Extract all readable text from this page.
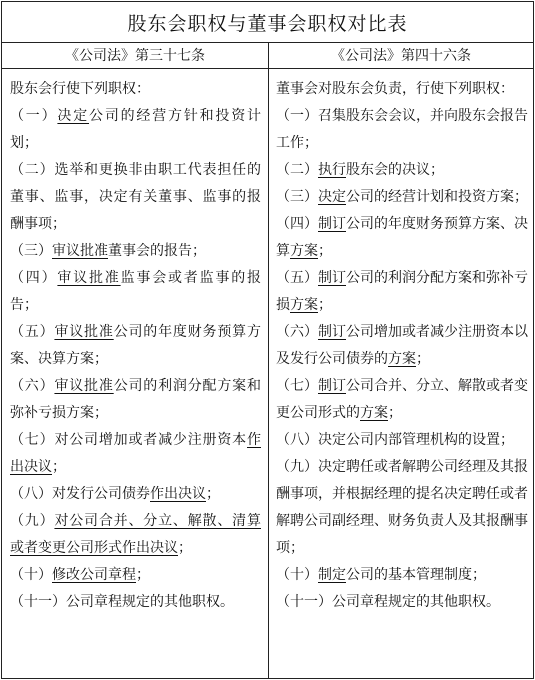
股东会职权与董事会职权对比表
《公司法》第三十七条	《公司法》第四十六条
股东会行使下列职权：
（一）决定公司的经营方针和投资计划；
（二）选举和更换非由职工代表担任的董事、监事，决定有关董事、监事的报酬事项；
（三）审议批准董事会的报告；
（四）审议批准监事会或者监事的报告；
（五）审议批准公司的年度财务预算方案、决算方案；
（六）审议批准公司的利润分配方案和弥补亏损方案；
（七）对公司增加或者减少注册资本作出决议；
（八）对发行公司债券作出决议；
（九）对公司合并、分立、解散、清算或者变更公司形式作出决议；
（十）修改公司章程；
（十一）公司章程规定的其他职权。
董事会对股东会负责，行使下列职权：
（一）召集股东会会议，并向股东会报告工作；
（二）执行股东会的决议；
（三）决定公司的经营计划和投资方案；
（四）制订公司的年度财务预算方案、决算方案；
（五）制订公司的利润分配方案和弥补亏损方案；
（六）制订公司增加或者减少注册资本以及发行公司债券的方案；
（七）制订公司合并、分立、解散或者变更公司形式的方案；
（八）决定公司内部管理机构的设置；
（九）决定聘任或者解聘公司经理及其报酬事项，并根据经理的提名决定聘任或者解聘公司副经理、财务负责人及其报酬事项；
（十）制定公司的基本管理制度；
（十一）公司章程规定的其他职权。
